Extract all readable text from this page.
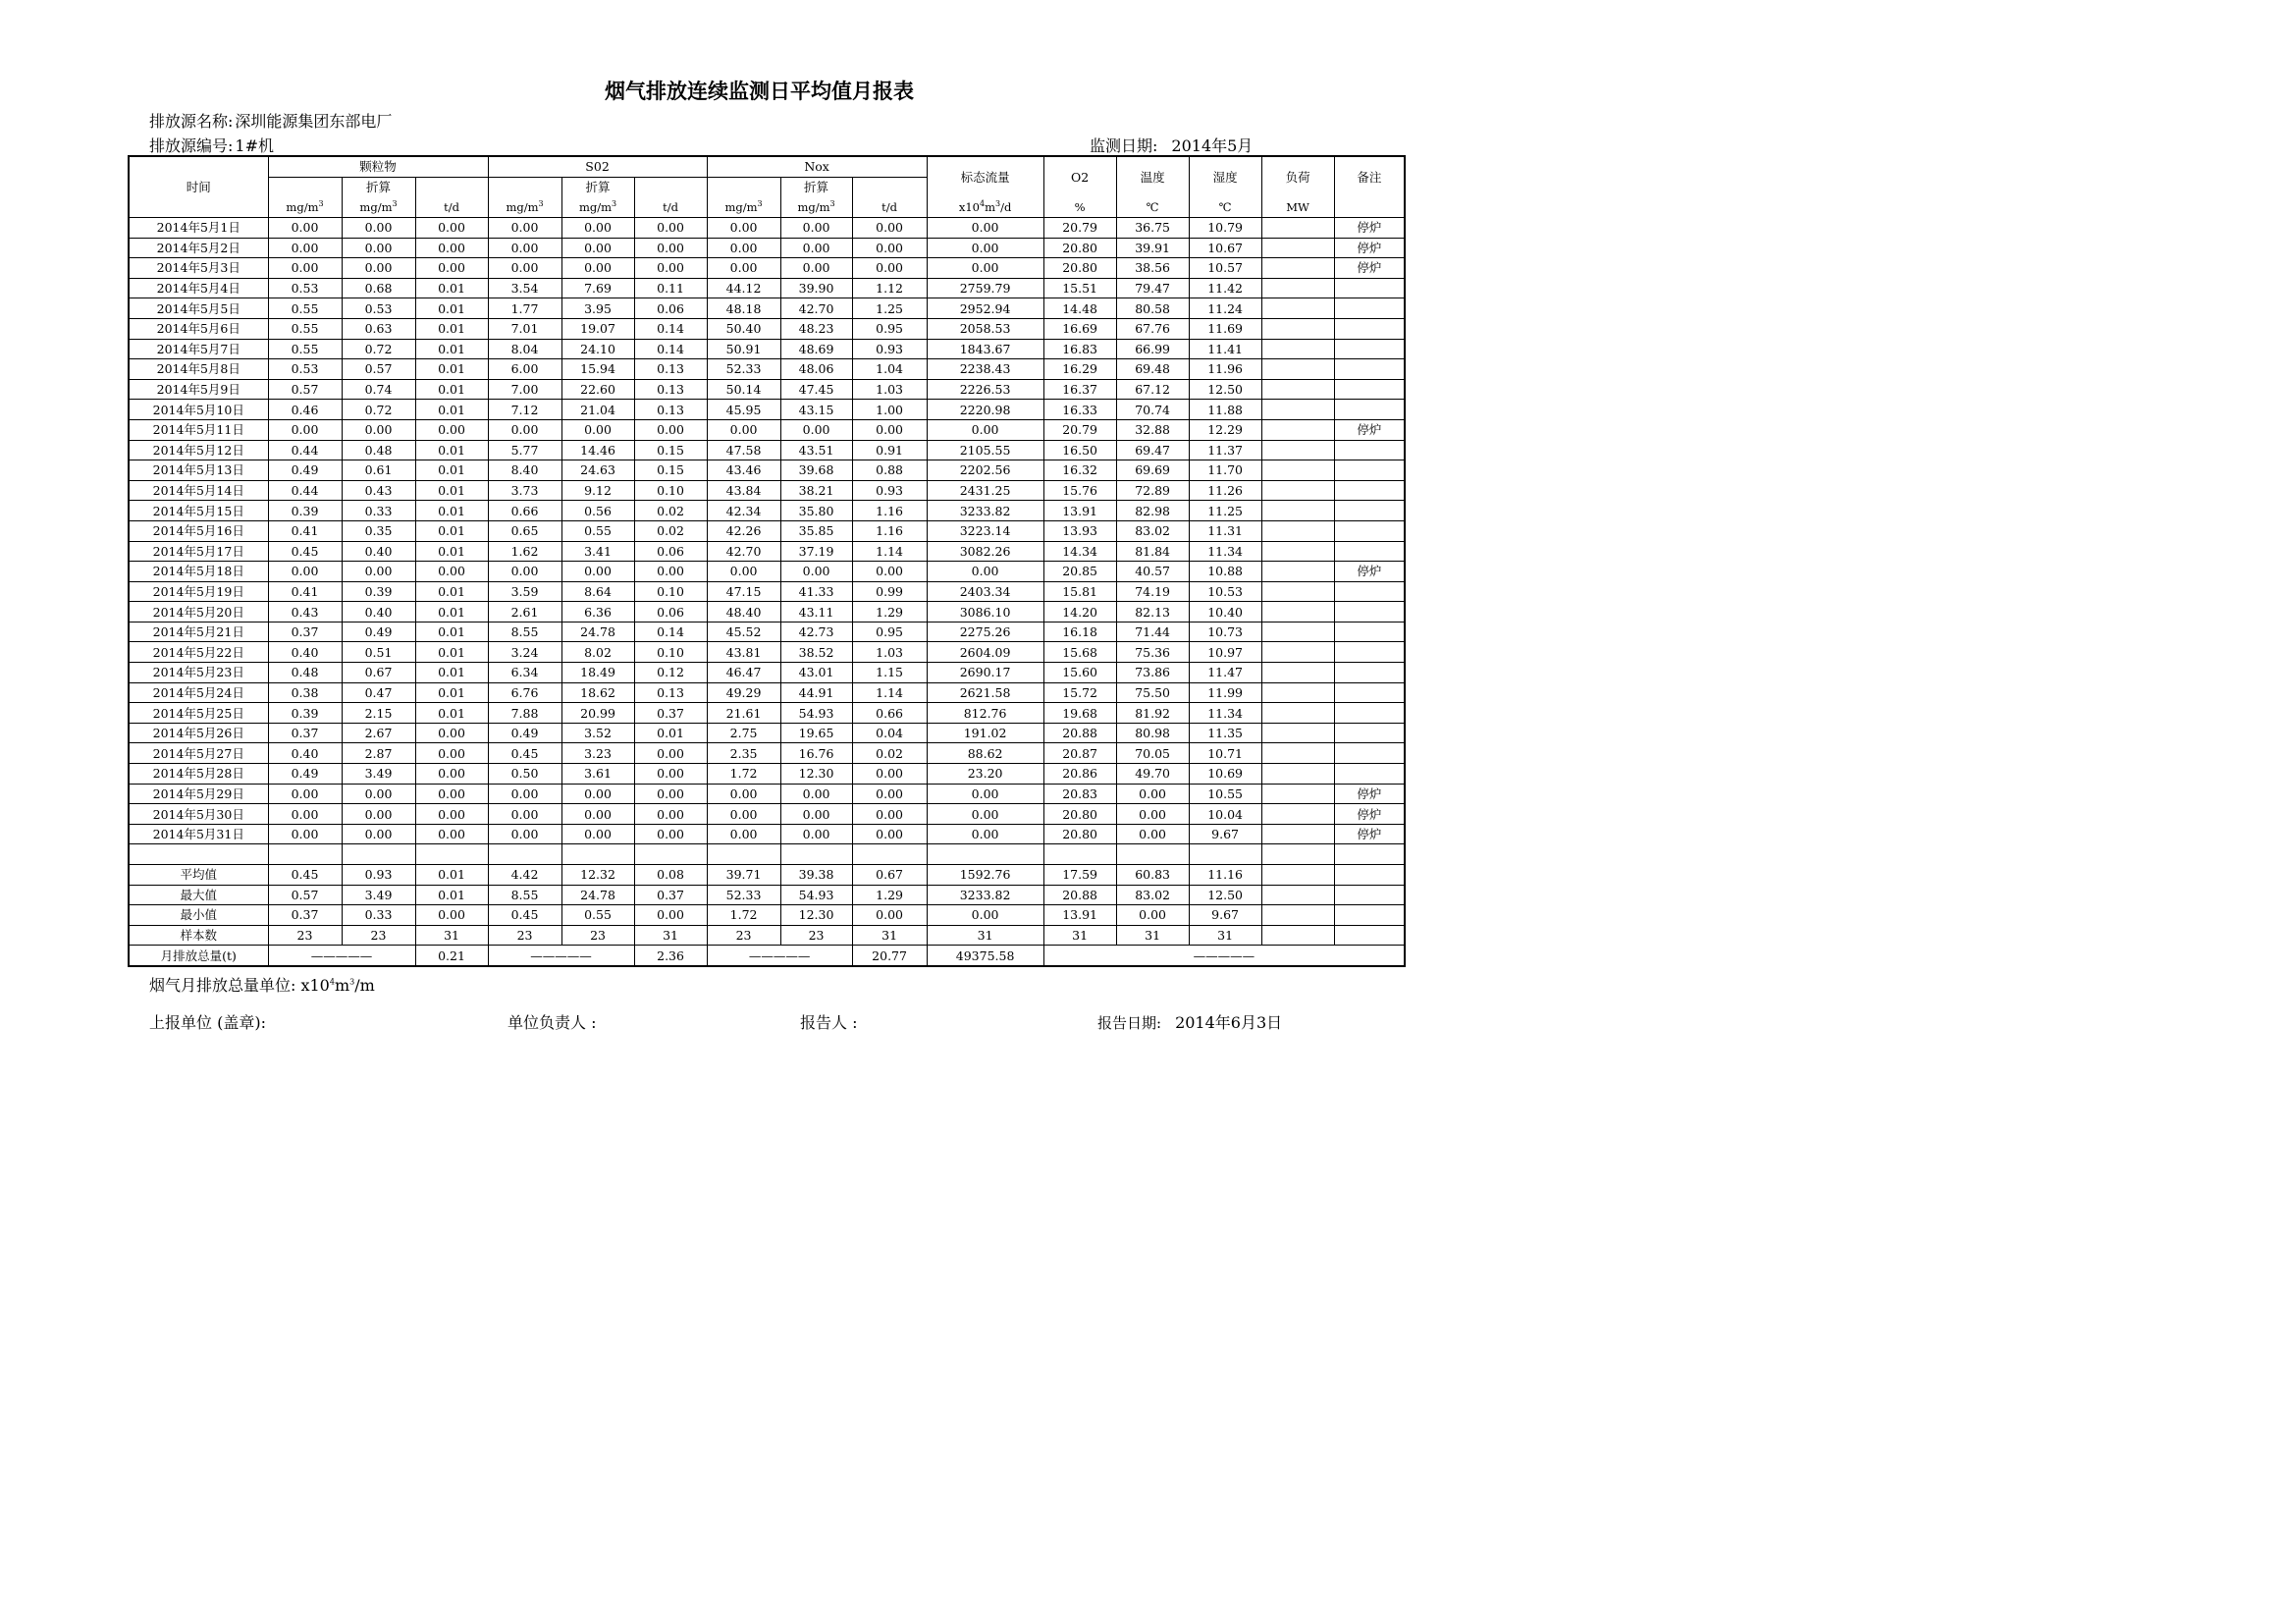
烟气排放连续监测日平均值月报表
排放源名称: 深圳能源集团东部电厂
排放源编号: 1#机	监测日期: 2014年5月
时间	颗粒物			S02			Nox			标态流量	O2	温度	湿度	负荷	备注
		折算			折算			折算							
	$mg/m^3$	$mg/m^3$	t/d	$mg/m^3$	$mg/m^3$	t/d	$mg/m^3$	$mg/m^3$	t/d	$x10^4m^3/d$	%	℃	℃	MW	
2014年5月1日	0.00	0.00	0.00	0.00	0.00	0.00	0.00	0.00	0.00	0.00	20.79	36.75	10.79		停炉
2014年5月2日	0.00	0.00	0.00	0.00	0.00	0.00	0.00	0.00	0.00	0.00	20.80	39.91	10.67		停炉
2014年5月3日	0.00	0.00	0.00	0.00	0.00	0.00	0.00	0.00	0.00	0.00	20.80	38.56	10.57		停炉
2014年5月4日	0.53	0.68	0.01	3.54	7.69	0.11	44.12	39.90	1.12	2759.79	15.51	79.47	11.42		
2014年5月5日	0.55	0.53	0.01	1.77	3.95	0.06	48.18	42.70	1.25	2952.94	14.48	80.58	11.24		
2014年5月6日	0.55	0.63	0.01	7.01	19.07	0.14	50.40	48.23	0.95	2058.53	16.69	67.76	11.69		
2014年5月7日	0.55	0.72	0.01	8.04	24.10	0.14	50.91	48.69	0.93	1843.67	16.83	66.99	11.41		
2014年5月8日	0.53	0.57	0.01	6.00	15.94	0.13	52.33	48.06	1.04	2238.43	16.29	69.48	11.96		
2014年5月9日	0.57	0.74	0.01	7.00	22.60	0.13	50.14	47.45	1.03	2226.53	16.37	67.12	12.50		
2014年5月10日	0.46	0.72	0.01	7.12	21.04	0.13	45.95	43.15	1.00	2220.98	16.33	70.74	11.88		
2014年5月11日	0.00	0.00	0.00	0.00	0.00	0.00	0.00	0.00	0.00	0.00	20.79	32.88	12.29		停炉
2014年5月12日	0.44	0.48	0.01	5.77	14.46	0.15	47.58	43.51	0.91	2105.55	16.50	69.47	11.37		
2014年5月13日	0.49	0.61	0.01	8.40	24.63	0.15	43.46	39.68	0.88	2202.56	16.32	69.69	11.70		
2014年5月14日	0.44	0.43	0.01	3.73	9.12	0.10	43.84	38.21	0.93	2431.25	15.76	72.89	11.26		
2014年5月15日	0.39	0.33	0.01	0.66	0.56	0.02	42.34	35.80	1.16	3233.82	13.91	82.98	11.25		
2014年5月16日	0.41	0.35	0.01	0.65	0.55	0.02	42.26	35.85	1.16	3223.14	13.93	83.02	11.31		
2014年5月17日	0.45	0.40	0.01	1.62	3.41	0.06	42.70	37.19	1.14	3082.26	14.34	81.84	11.34		
2014年5月18日	0.00	0.00	0.00	0.00	0.00	0.00	0.00	0.00	0.00	0.00	20.85	40.57	10.88		停炉
2014年5月19日	0.41	0.39	0.01	3.59	8.64	0.10	47.15	41.33	0.99	2403.34	15.81	74.19	10.53		
2014年5月20日	0.43	0.40	0.01	2.61	6.36	0.06	48.40	43.11	1.29	3086.10	14.20	82.13	10.40		
2014年5月21日	0.37	0.49	0.01	8.55	24.78	0.14	45.52	42.73	0.95	2275.26	16.18	71.44	10.73		
2014年5月22日	0.40	0.51	0.01	3.24	8.02	0.10	43.81	38.52	1.03	2604.09	15.68	75.36	10.97		
2014年5月23日	0.48	0.67	0.01	6.34	18.49	0.12	46.47	43.01	1.15	2690.17	15.60	73.86	11.47		
2014年5月24日	0.38	0.47	0.01	6.76	18.62	0.13	49.29	44.91	1.14	2621.58	15.72	75.50	11.99		
2014年5月25日	0.39	2.15	0.01	7.88	20.99	0.37	21.61	54.93	0.66	812.76	19.68	81.92	11.34		
2014年5月26日	0.37	2.67	0.00	0.49	3.52	0.01	2.75	19.65	0.04	191.02	20.88	80.98	11.35		
2014年5月27日	0.40	2.87	0.00	0.45	3.23	0.00	2.35	16.76	0.02	88.62	20.87	70.05	10.71		
2014年5月28日	0.49	3.49	0.00	0.50	3.61	0.00	1.72	12.30	0.00	23.20	20.86	49.70	10.69		
2014年5月29日	0.00	0.00	0.00	0.00	0.00	0.00	0.00	0.00	0.00	0.00	20.83	0.00	10.55		停炉
2014年5月30日	0.00	0.00	0.00	0.00	0.00	0.00	0.00	0.00	0.00	0.00	20.80	0.00	10.04		停炉
2014年5月31日	0.00	0.00	0.00	0.00	0.00	0.00	0.00	0.00	0.00	0.00	20.80	0.00	9.67		停炉

平均值	0.45	0.93	0.01	4.42	12.32	0.08	39.71	39.38	0.67	1592.76	17.59	60.83	11.16		
最大值	0.57	3.49	0.01	8.55	24.78	0.37	52.33	54.93	1.29	3233.82	20.88	83.02	12.50		
最小值	0.37	0.33	0.00	0.45	0.55	0.00	1.72	12.30	0.00	0.00	13.91	0.00	9.67		
样本数	23	23	31	23	23	31	23	23	31	31	31	31	31		
月排放总量(t)	—————		0.21	—————		2.36	—————		20.77	49375.58	—————				
烟气月排放总量单位: $x10^4m^3/m$
上报单位 (盖章):	单位负责人 :	报告人 :	报告日期: 2014年6月3日
